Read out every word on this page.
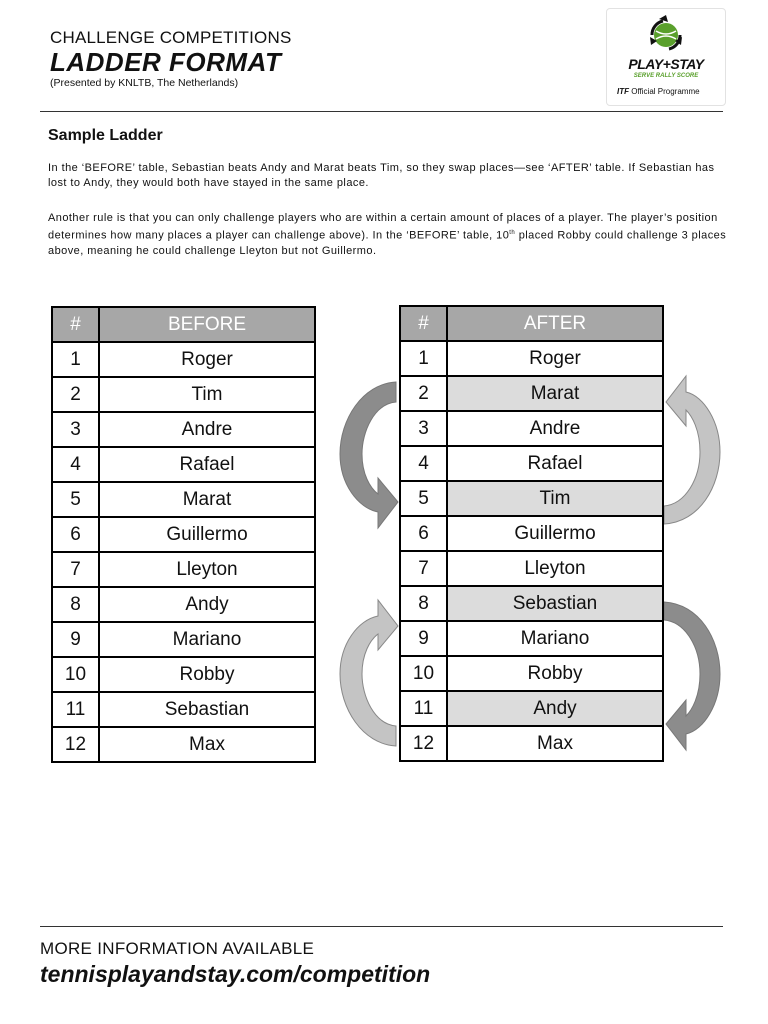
CHALLENGE COMPETITIONS
LADDER FORMAT
(Presented by KNLTB, The Netherlands)
PLAY+STAY
SERVE RALLY SCORE
ITF Official Programme
Sample Ladder
In the ‘BEFORE’ table, Sebastian beats Andy and Marat beats Tim, so they swap places—see ‘AFTER’ table. If Sebastian has lost to Andy, they would both have stayed in the same place.
Another rule is that you can only challenge players who are within a certain amount of places of a player. The player’s position determines how many places a player can challenge above). In the ‘BEFORE’ table, 10th placed Robby could challenge 3 places above, meaning he could challenge Lleyton but not Guillermo.
#	BEFORE
1	Roger
2	Tim
3	Andre
4	Rafael
5	Marat
6	Guillermo
7	Lleyton
8	Andy
9	Mariano
10	Robby
11	Sebastian
12	Max
#	AFTER
1	Roger
2	Marat
3	Andre
4	Rafael
5	Tim
6	Guillermo
7	Lleyton
8	Sebastian
9	Mariano
10	Robby
11	Andy
12	Max
MORE INFORMATION AVAILABLE
tennisplayandstay.com/competition
